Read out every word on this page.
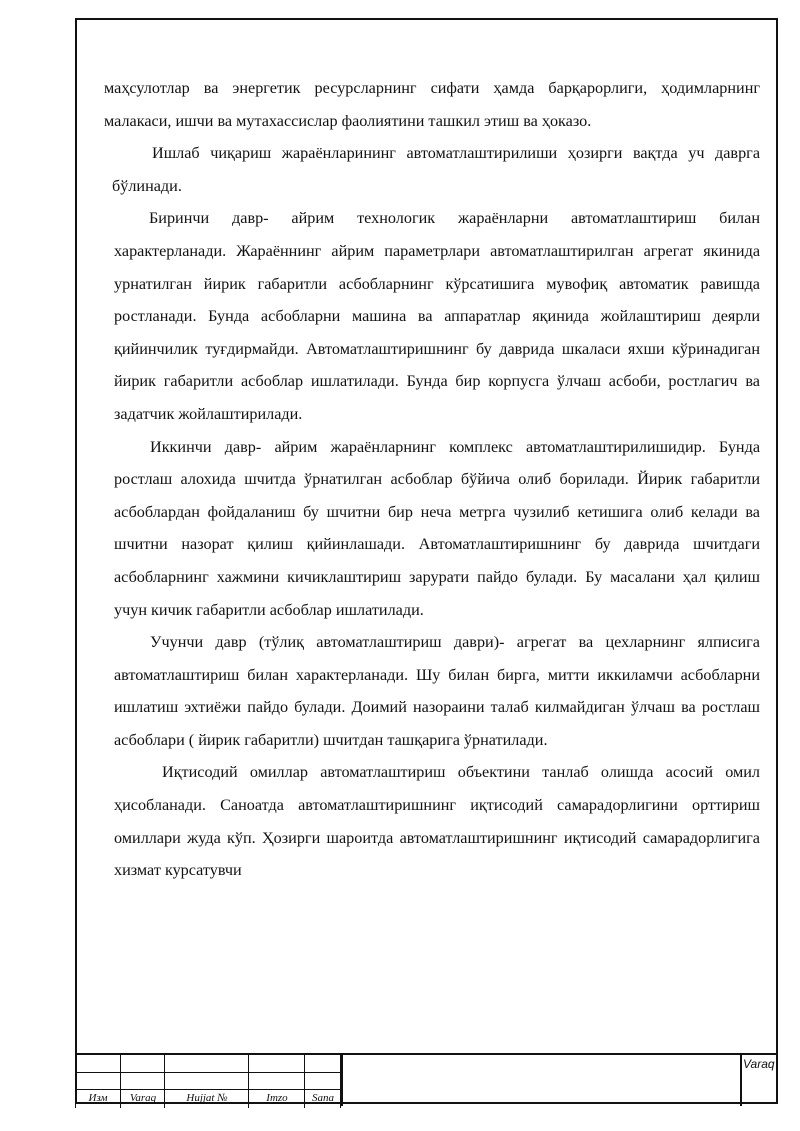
маҳсулотлар ва энергетик ресурсларнинг сифати ҳамда барқарорлиги, ҳодимларнинг малакаси, ишчи ва мутахассислар фаолиятини ташкил этиш ва ҳоказо.

Ишлаб чиқариш жараёнларининг автоматлаштирилиши ҳозирги вақтда уч даврга бўлинади.

Биринчи давр- айрим технологик жараёнларни автоматлаштириш билан характерланади. Жараённинг айрим параметрлари автоматлаштирилган агрегат якинида урнатилган йирик габаритли асбобларнинг кўрсатишига мувофиқ автоматик равишда ростланади. Бунда асбобларни машина ва аппаратлар яқинида жойлаштириш деярли қийинчилик туғдирмайди. Автоматлаштиришнинг бу даврида шкаласи яхши кўринадиган йирик габаритли асбоблар ишлатилади. Бунда бир корпусга ўлчаш асбоби, ростлагич ва задатчик жойлаштирилади.

Иккинчи давр- айрим жараёнларнинг комплекс автоматлаштирилишидир. Бунда ростлаш алохида шчитда ўрнатилган асбоблар бўйича олиб борилади. Йирик габаритли асбоблардан фойдаланиш бу шчитни бир неча метрга чузилиб кетишига олиб келади ва шчитни назорат қилиш қийинлашади. Автоматлаштиришнинг бу даврида шчитдаги асбобларнинг хажмини кичиклаштириш зарурати пайдо булади. Бу масалани ҳал қилиш учун кичик габаритли асбоблар ишлатилади.

Учунчи давр (тўлиқ автоматлаштириш даври)- агрегат ва цехларнинг ялписига автоматлаштириш билан характерланади. Шу билан бирга, митти иккиламчи асбобларни ишлатиш эхтиёжи пайдо булади. Доимий назораини талаб килмайдиган ўлчаш ва ростлаш асбоблари ( йирик габаритли) шчитдан ташқарига ўрнатилади.

Иқтисодий омиллар автоматлаштириш объектини танлаб олишда асосий омил ҳисобланади. Саноатда автоматлаштиришнинг иқтисодий самарадорлигини орттириш омиллари жуда кўп. Ҳозирги шароитда автоматлаштиришнинг иқтисодий самарадорлигига хизмат курсатувчи

Изм	Varaq	Hujjat №	Imzo	Sana
Varaq
